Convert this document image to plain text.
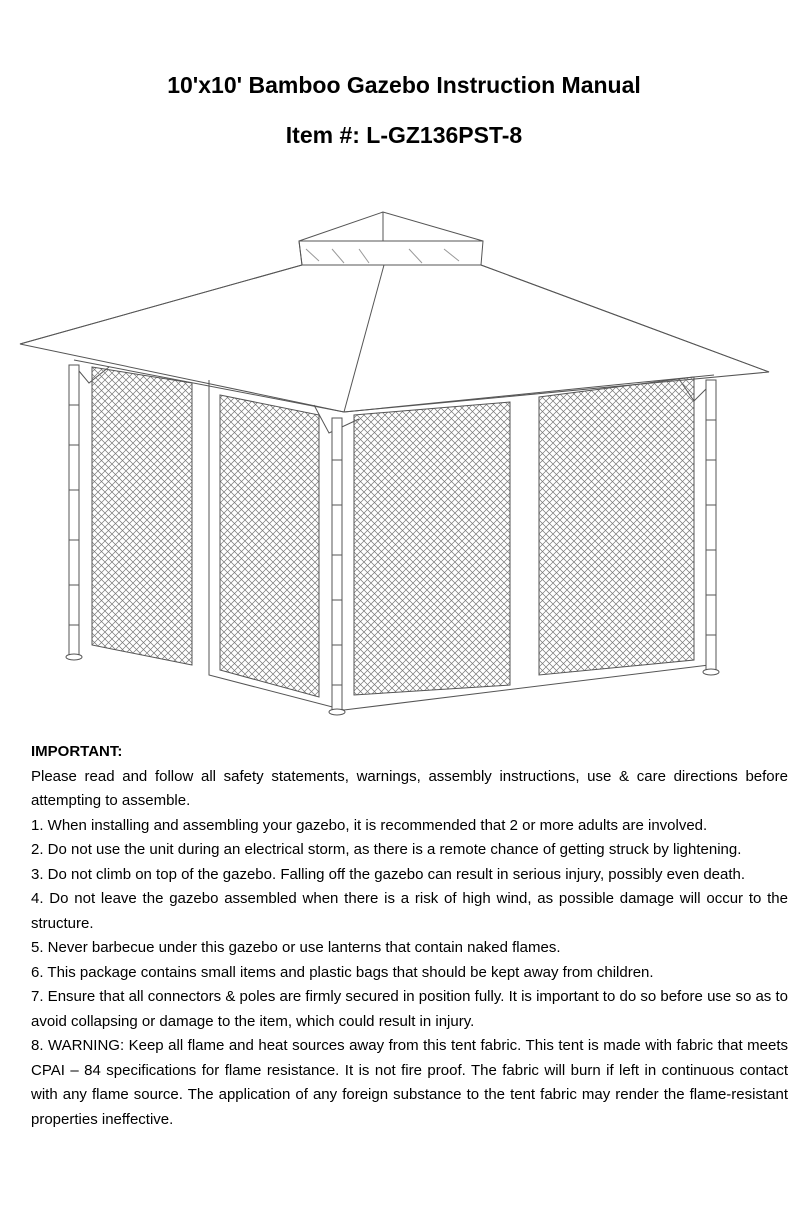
10'x10' Bamboo Gazebo Instruction Manual
Item #: L-GZ136PST-8

IMPORTANT:

Please read and follow all safety statements, warnings, assembly instructions, use & care directions before attempting to assemble.

1. When installing and assembling your gazebo, it is recommended that 2 or more adults are involved.

2. Do not use the unit during an electrical storm, as there is a remote chance of getting struck by lightening.

3. Do not climb on top of the gazebo. Falling off the gazebo can result in serious injury, possibly even death.

4. Do not leave the gazebo assembled when there is a risk of high wind, as possible damage will occur to the structure.

5. Never barbecue under this gazebo or use lanterns that contain naked flames.

6. This package contains small items and plastic bags that should be kept away from children.

7. Ensure that all connectors & poles are firmly secured in position fully. It is important to do so before use so as to avoid collapsing or damage to the item, which could result in injury.

8. WARNING: Keep all flame and heat sources away from this tent fabric. This tent is made with fabric that meets CPAI – 84 specifications for flame resistance. It is not fire proof. The fabric will burn if left in continuous contact with any flame source. The application of any foreign substance to the tent fabric may render the flame-resistant properties ineffective.
